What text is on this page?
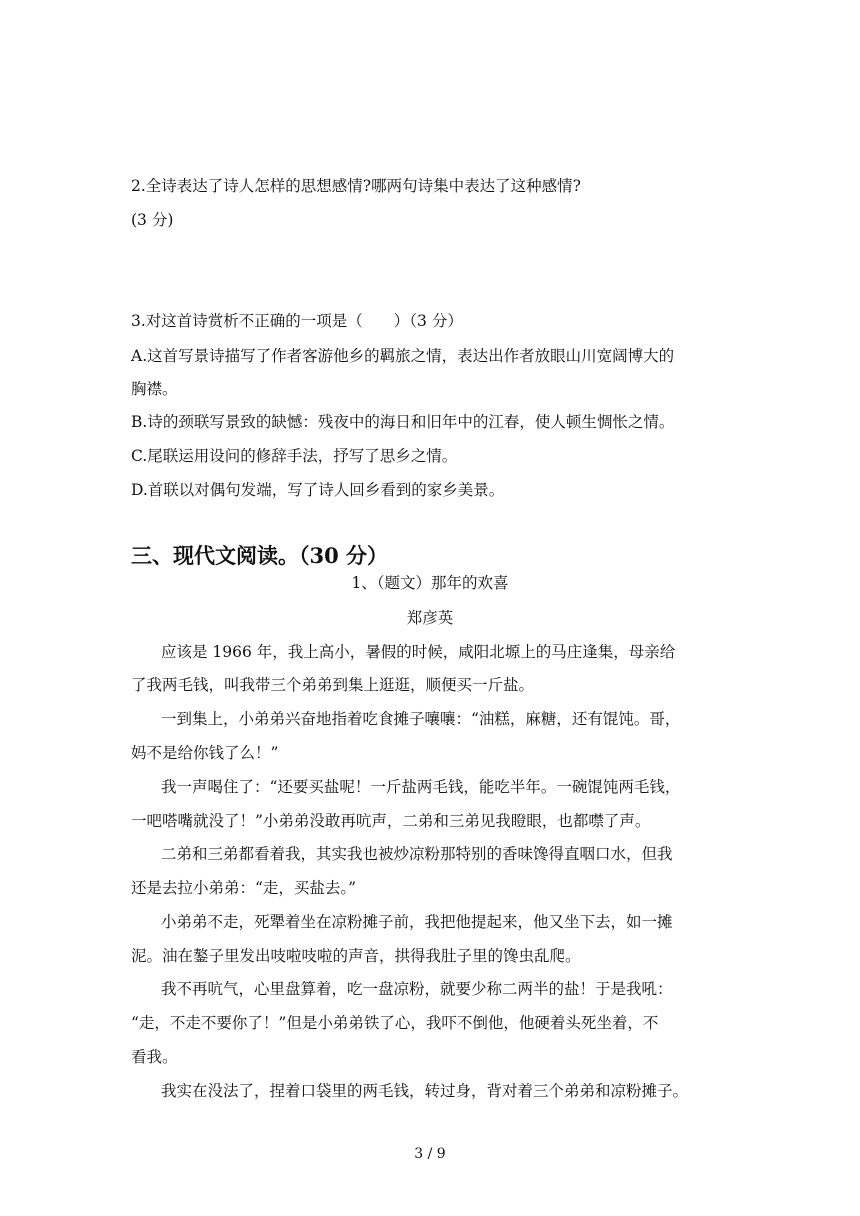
2.全诗表达了诗人怎样的思想感情?哪两句诗集中表达了这种感情?
(3 分)
3.对这首诗赏析不正确的一项是（　　）（3 分）
A.这首写景诗描写了作者客游他乡的羁旅之情，表达出作者放眼山川宽阔博大的
胸襟。
B.诗的颈联写景致的缺憾：残夜中的海日和旧年中的江春，使人顿生惆怅之情。
C.尾联运用设问的修辞手法，抒写了思乡之情。
D.首联以对偶句发端，写了诗人回乡看到的家乡美景。
三、现代文阅读。（30 分）
1、（题文）那年的欢喜
郑彦英
应该是 1966 年，我上高小，暑假的时候，咸阳北塬上的马庄逢集，母亲给
了我两毛钱，叫我带三个弟弟到集上逛逛，顺便买一斤盐。
一到集上，小弟弟兴奋地指着吃食摊子嚷嚷：“油糕，麻糖，还有馄饨。哥，
妈不是给你钱了么！”
我一声喝住了：“还要买盐呢！一斤盐两毛钱，能吃半年。一碗馄饨两毛钱，
一吧嗒嘴就没了！”小弟弟没敢再吭声，二弟和三弟见我瞪眼，也都噤了声。
二弟和三弟都看着我，其实我也被炒凉粉那特别的香味馋得直咽口水，但我
还是去拉小弟弟：“走，买盐去。”
小弟弟不走，死犟着坐在凉粉摊子前，我把他提起来，他又坐下去，如一摊
泥。油在鏊子里发出吱啦吱啦的声音，拱得我肚子里的馋虫乱爬。
我不再吭气，心里盘算着，吃一盘凉粉，就要少称二两半的盐！于是我吼：
“走，不走不要你了！”但是小弟弟铁了心，我吓不倒他，他硬着头死坐着，不
看我。
我实在没法了，捏着口袋里的两毛钱，转过身，背对着三个弟弟和凉粉摊子。
3 / 9
